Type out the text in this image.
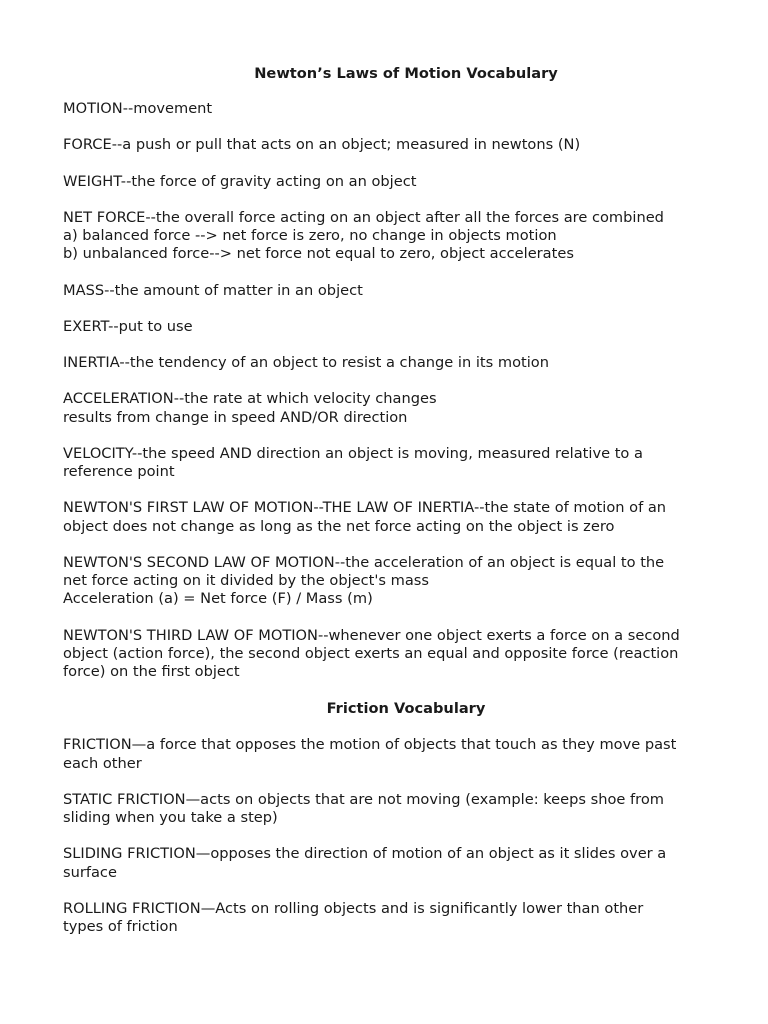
Newton’s Laws of Motion Vocabulary

MOTION--movement

FORCE--a push or pull that acts on an object; measured in newtons (N)

WEIGHT--the force of gravity acting on an object

NET FORCE--the overall force acting on an object after all the forces are combined
a) balanced force --> net force is zero, no change in objects motion
b) unbalanced force--> net force not equal to zero, object accelerates

MASS--the amount of matter in an object

EXERT--put to use

INERTIA--the tendency of an object to resist a change in its motion

ACCELERATION--the rate at which velocity changes
results from change in speed AND/OR direction

VELOCITY--the speed AND direction an object is moving, measured relative to a
reference point

NEWTON'S FIRST LAW OF MOTION--THE LAW OF INERTIA--the state of motion of an
object does not change as long as the net force acting on the object is zero

NEWTON'S SECOND LAW OF MOTION--the acceleration of an object is equal to the
net force acting on it divided by the object's mass
Acceleration (a) = Net force (F) / Mass (m)

NEWTON'S THIRD LAW OF MOTION--whenever one object exerts a force on a second
object (action force), the second object exerts an equal and opposite force (reaction
force) on the first object

Friction Vocabulary

FRICTION—a force that opposes the motion of objects that touch as they move past
each other

STATIC FRICTION—acts on objects that are not moving (example: keeps shoe from
sliding when you take a step)

SLIDING FRICTION—opposes the direction of motion of an object as it slides over a
surface

ROLLING FRICTION—Acts on rolling objects and is significantly lower than other
types of friction
